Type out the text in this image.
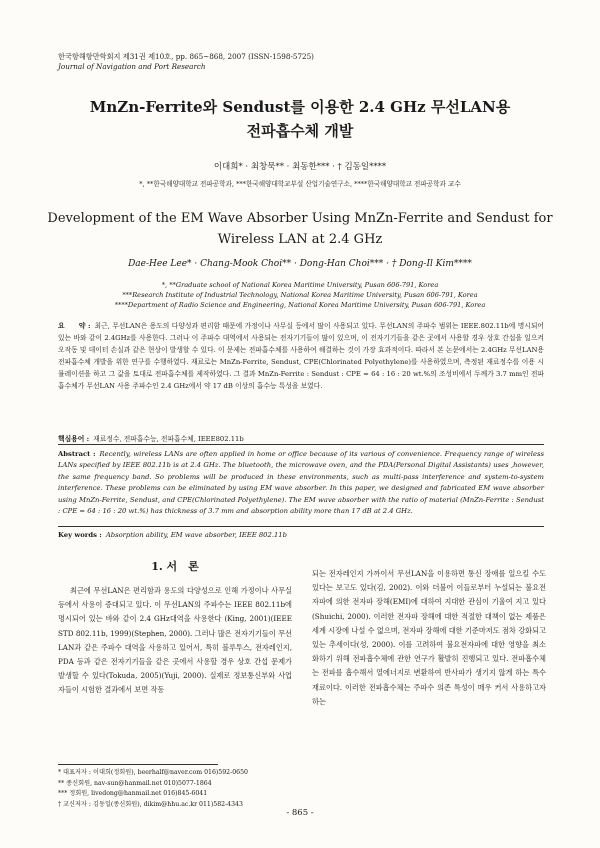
한국항해항만학회지 제31권 제10호, pp. 865~868, 2007 (ISSN-1598-5725)
Journal of Navigation and Port Research
MnZn-Ferrite와 Sendust를 이용한 2.4 GHz 무선LAN용
전파흡수체 개발
이대희* · 최창묵** · 최동한*** · † 김동일****
*, **한국해양대학교 전파공학과, ***한국해양대학교부설 산업기술연구소, ****한국해양대학교 전파공학과 교수
Development of the EM Wave Absorber Using MnZn-Ferrite and Sendust for
Wireless LAN at 2.4 GHz
Dae-Hee Lee* · Chang-Mook Choi** · Dong-Han Choi*** · † Dong-Il Kim****
*, **Graduate school of National Korea Maritime University, Pusan 606-791, Korea
***Research Institute of Industrial Technology, National Korea Maritime University, Pusan 606-791, Korea
****Department of Radio Science and Engineering, National Korea Maritime University, Pusan 606-791, Korea
요　　약 : 최근, 무선LAN은 용도의 다양성과 편리함 때문에 가정이나 사무실 등에서 많이 사용되고 있다. 무선LAN의 주파수 범위는 IEEE.802.11b에 명시되어 있는 바와 같이 2.4GHz를 사용한다. 그러나 이 주파수 대역에서 사용되는 전자기기들이 많이 있으며, 이 전자기기들을 같은 곳에서 사용할 경우 상호 간섭을 일으켜 오작동 및 데이터 손실과 같은 현상이 발생할 수 있다. 이 문제는 전파흡수체를 사용하여 해결하는 것이 가장 효과적이다. 따라서 본 논문에서는 2.4GHz 무선LAN용 전파흡수체 개발을 위한 연구를 수행하였다. 재료로는 MnZn-Ferrite, Sendust, CPE(Chlorinated Polyethylene)를 사용하였으며, 측정된 재료정수를 이용 시뮬레이션을 하고 그 값을 토대로 전파흡수체를 제작하였다. 그 결과 MnZn-Ferrite : Sendust : CPE = 64 : 16 : 20 wt.%의 조성비에서 두께가 3.7 mm인 전파흡수체가 무선LAN 사용 주파수인 2.4 GHz에서 약 17 dB 이상의 흡수능 특성을 보였다.
핵심용어 : 재료정수, 전파흡수능, 전파흡수체, IEEE802.11b
Abstract : Recently, wireless LANs are often applied in home or office because of its various of convenience. Frequency range of wireless LANs specified by IEEE 802.11b is at 2.4 GHz. The bluetooth, the microwave oven, and the PDA(Personal Digital Assistants) uses ,however, the same frequency band. So problems will be produced in these environments, such as multi-pass interference and system-to-system interference. These problems can be eliminated by using EM wave absorber. In this paper, we designed and fabricated EM wave absorber using MnZn-Ferrite, Sendust, and CPE(Chlorinated Polyethylene). The EM wave absorber with the ratio of material (MnZn-Ferrite : Sendust : CPE = 64 : 16 : 20 wt.%) has thickness of 3.7 mm and absorption ability more than 17 dB at 2.4 GHz.
Key words : Absorption ability, EM wave absorber, IEEE 802.11b
1. 서　론

최근에 무선LAN은 편리함과 용도의 다양성으로 인해 가정이나 사무실 등에서 사용이 증대되고 있다. 이 무선LAN의 주파수는 IEEE 802.11b에 명시되어 있는 바와 같이 2.4 GHz대역을 사용한다 (King, 2001)(IEEE STD 802.11b, 1999)(Stephen, 2000). 그러나 많은 전자기기들이 무선LAN과 같은 주파수 대역을 사용하고 있어서, 특히 블루투스, 전자레인지, PDA 등과 같은 전자기기들을 같은 곳에서 사용할 경우 상호 간섭 문제가 발생할 수 있다(Tokuda, 2005)(Yuji, 2000). 실제로 정보통신부와 사업자들이 시험한 결과에서 보면 작동

되는 전자레인지 가까이서 무선LAN을 이용하면 통신 장애를 일으킬 수도 있다는 보고도 있다(김, 2002). 이와 더불어 이들로부터 누설되는 불요전자파에 의한 전자파 장해(EMI)에 대하여 지대한 관심이 기울여 지고 있다(Shuichi, 2000). 이러한 전자파 장해에 대한 적절한 대책이 없는 제품은 세계 시장에 나설 수 없으며, 전자파 장해에 대한 기준마저도 점차 강화되고 있는 추세이다(성, 2000). 이를 고려하여 불요전자파에 대한 영향을 최소화하기 위해 전파흡수체에 관한 연구가 활발히 진행되고 있다. 전파흡수체는 전파를 흡수해서 열에너지로 변환하여 반사파가 생기지 않게 하는 특수재료이다. 이러한 전파흡수체는 주파수 의존 특성이 매우 커서 사용하고자 하는

* 대표저자 : 이대희(정회원), beerhalf@naver.com 016)592-0650
** 종신회원, nav-sun@hanmail.net 010)5077-1864
*** 정회원, livedong@hanmail.net 016)845-6041
† 교신저자 : 김동일(종신회원), dikim@hhu.ac.kr 011)582-4343
- 865 -
